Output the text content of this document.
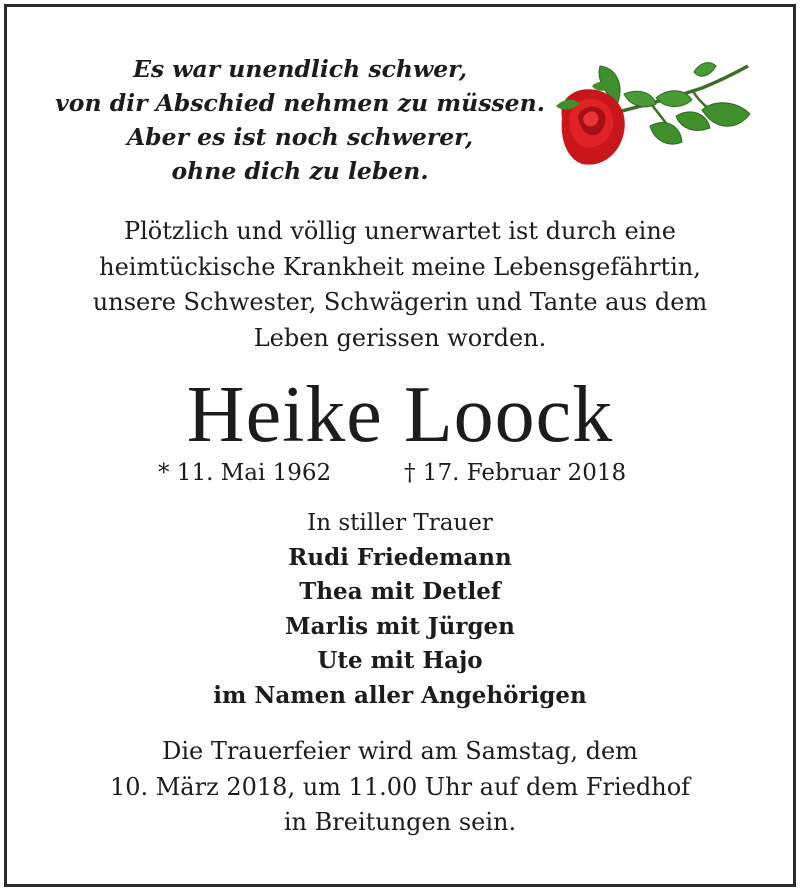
Es war unendlich schwer,
von dir Abschied nehmen zu müssen.
Aber es ist noch schwerer,
ohne dich zu leben.
Plötzlich und völlig unerwartet ist durch eine
heimtückische Krankheit meine Lebensgefährtin,
unsere Schwester, Schwägerin und Tante aus dem
Leben gerissen worden.
Heike Loock
* 11. Mai 1962	† 17. Februar 2018
In stiller Trauer
Rudi Friedemann
Thea mit Detlef
Marlis mit Jürgen
Ute mit Hajo
im Namen aller Angehörigen
Die Trauerfeier wird am Samstag, dem
10. März 2018, um 11.00 Uhr auf dem Friedhof
in Breitungen sein.
